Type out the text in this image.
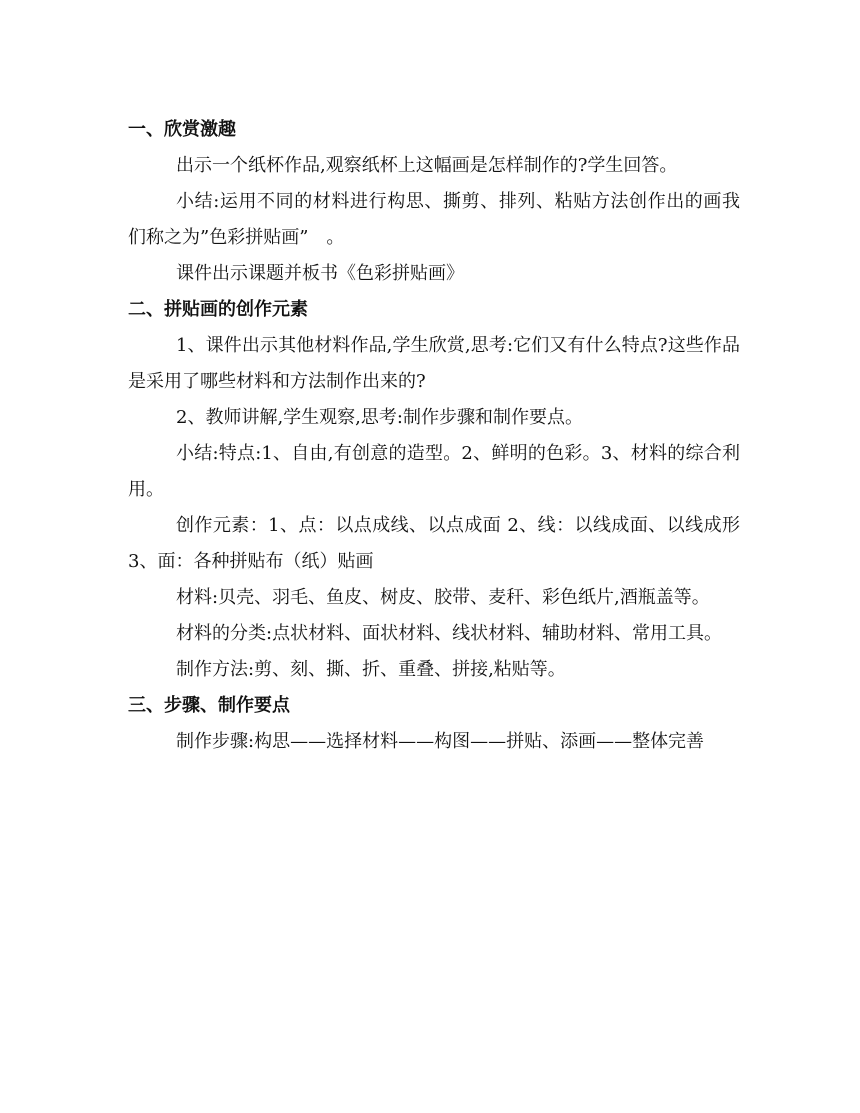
一、欣赏激趣

出示一个纸杯作品,观察纸杯上这幅画是怎样制作的?学生回答。

小结:运用不同的材料进行构思、撕剪、排列、粘贴方法创作出的画我们称之为”色彩拼贴画”　。

课件出示课题并板书《色彩拼贴画》

二、拼贴画的创作元素

1、课件出示其他材料作品,学生欣赏,思考:它们又有什么特点?这些作品是采用了哪些材料和方法制作出来的?

2、教师讲解,学生观察,思考:制作步骤和制作要点。

小结:特点:1、自由,有创意的造型。2、鲜明的色彩。3、材料的综合利用。

创作元素：1、点：以点成线、以点成面 2、线：以线成面、以线成形 3、面：各种拼贴布（纸）贴画

材料:贝壳、羽毛、鱼皮、树皮、胶带、麦秆、彩色纸片,酒瓶盖等。

材料的分类:点状材料、面状材料、线状材料、辅助材料、常用工具。

制作方法:剪、刻、撕、折、重叠、拼接,粘贴等。

三、步骤、制作要点

制作步骤:构思——选择材料——构图——拼贴、添画——整体完善
